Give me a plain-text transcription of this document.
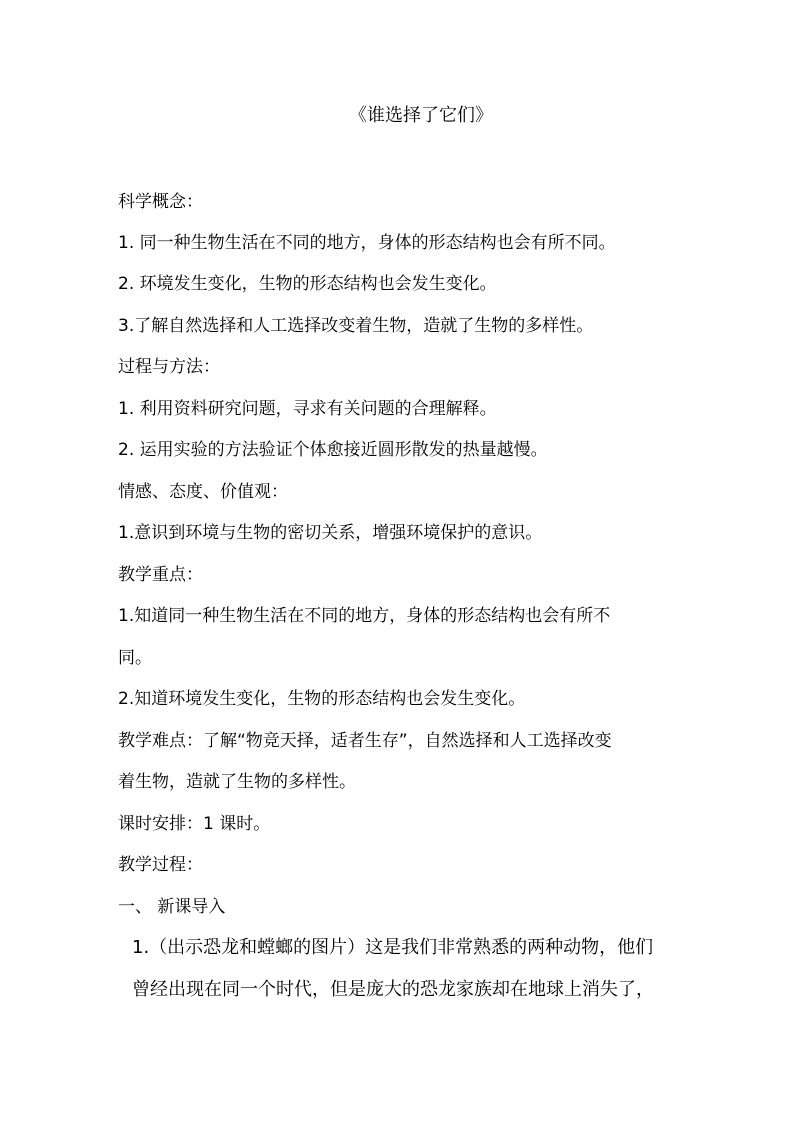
《谁选择了它们》
科学概念：
1. 同一种生物生活在不同的地方，身体的形态结构也会有所不同。
2. 环境发生变化，生物的形态结构也会发生变化。
3.了解自然选择和人工选择改变着生物，造就了生物的多样性。
过程与方法：
1. 利用资料研究问题，寻求有关问题的合理解释。
2. 运用实验的方法验证个体愈接近圆形散发的热量越慢。
情感、态度、价值观：
1.意识到环境与生物的密切关系，增强环境保护的意识。
教学重点：
1.知道同一种生物生活在不同的地方，身体的形态结构也会有所不
同。
2.知道环境发生变化，生物的形态结构也会发生变化。
教学难点：了解“物竞天择，适者生存”，自然选择和人工选择改变
着生物，造就了生物的多样性。
课时安排：1 课时。
教学过程：
一、 新课导入
1.（出示恐龙和螳螂的图片）这是我们非常熟悉的两种动物，他们
曾经出现在同一个时代，但是庞大的恐龙家族却在地球上消失了，
